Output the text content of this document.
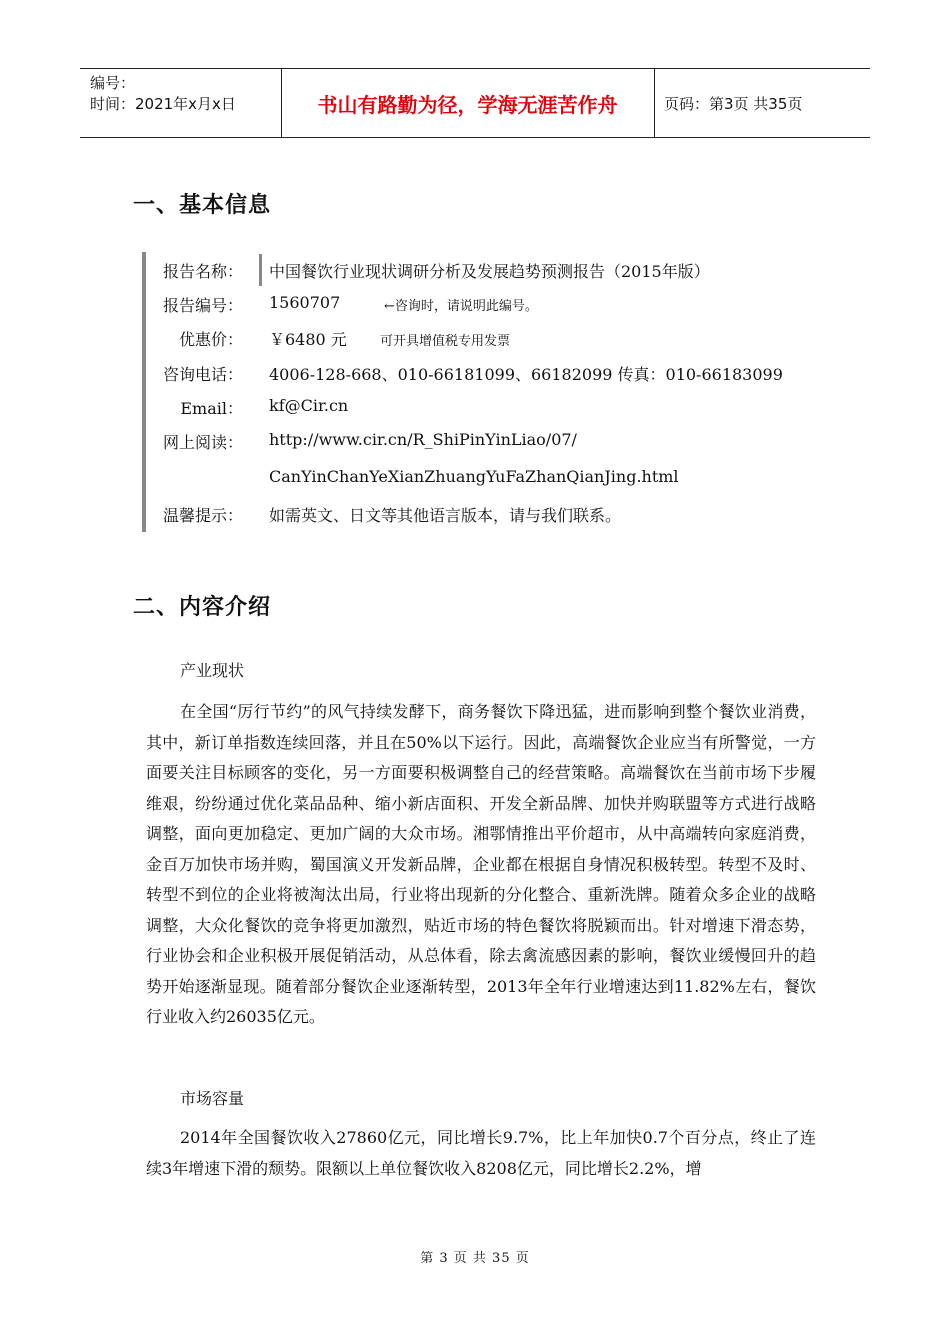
编号：
时间：2021年x月x日	书山有路勤为径，学海无涯苦作舟	页码：第3页 共35页
一、基本信息
报告名称： 中国餐饮行业现状调研分析及发展趋势预测报告（2015年版）
报告编号： 1560707	←咨询时，请说明此编号。
优惠价： ￥6480 元	可开具增值税专用发票
咨询电话： 4006-128-668、010-66181099、66182099 传真：010-66183099
Email： kf@Cir.cn
网上阅读： http://www.cir.cn/R_ShiPinYinLiao/07/
CanYinChanYeXianZhuangYuFaZhanQianJing.html
温馨提示： 如需英文、日文等其他语言版本，请与我们联系。
二、内容介绍
产业现状

在全国“厉行节约”的风气持续发酵下，商务餐饮下降迅猛，进而影响到整个餐饮业消费，其中，新订单指数连续回落，并且在50%以下运行。因此，高端餐饮企业应当有所警觉，一方面要关注目标顾客的变化，另一方面要积极调整自己的经营策略。高端餐饮在当前市场下步履维艰，纷纷通过优化菜品品种、缩小新店面积、开发全新品牌、加快并购联盟等方式进行战略调整，面向更加稳定、更加广阔的大众市场。湘鄂情推出平价超市，从中高端转向家庭消费，金百万加快市场并购，蜀国演义开发新品牌，企业都在根据自身情况积极转型。转型不及时、转型不到位的企业将被淘汰出局，行业将出现新的分化整合、重新洗牌。随着众多企业的战略调整，大众化餐饮的竞争将更加激烈，贴近市场的特色餐饮将脱颖而出。针对增速下滑态势，行业协会和企业积极开展促销活动，从总体看，除去禽流感因素的影响，餐饮业缓慢回升的趋势开始逐渐显现。随着部分餐饮企业逐渐转型，2013年全年行业增速达到11.82%左右，餐饮行业收入约26035亿元。

市场容量

2014年全国餐饮收入27860亿元，同比增长9.7%，比上年加快0.7个百分点，终止了连续3年增速下滑的颓势。限额以上单位餐饮收入8208亿元，同比增长2.2%，增

第 3 页 共 35 页
